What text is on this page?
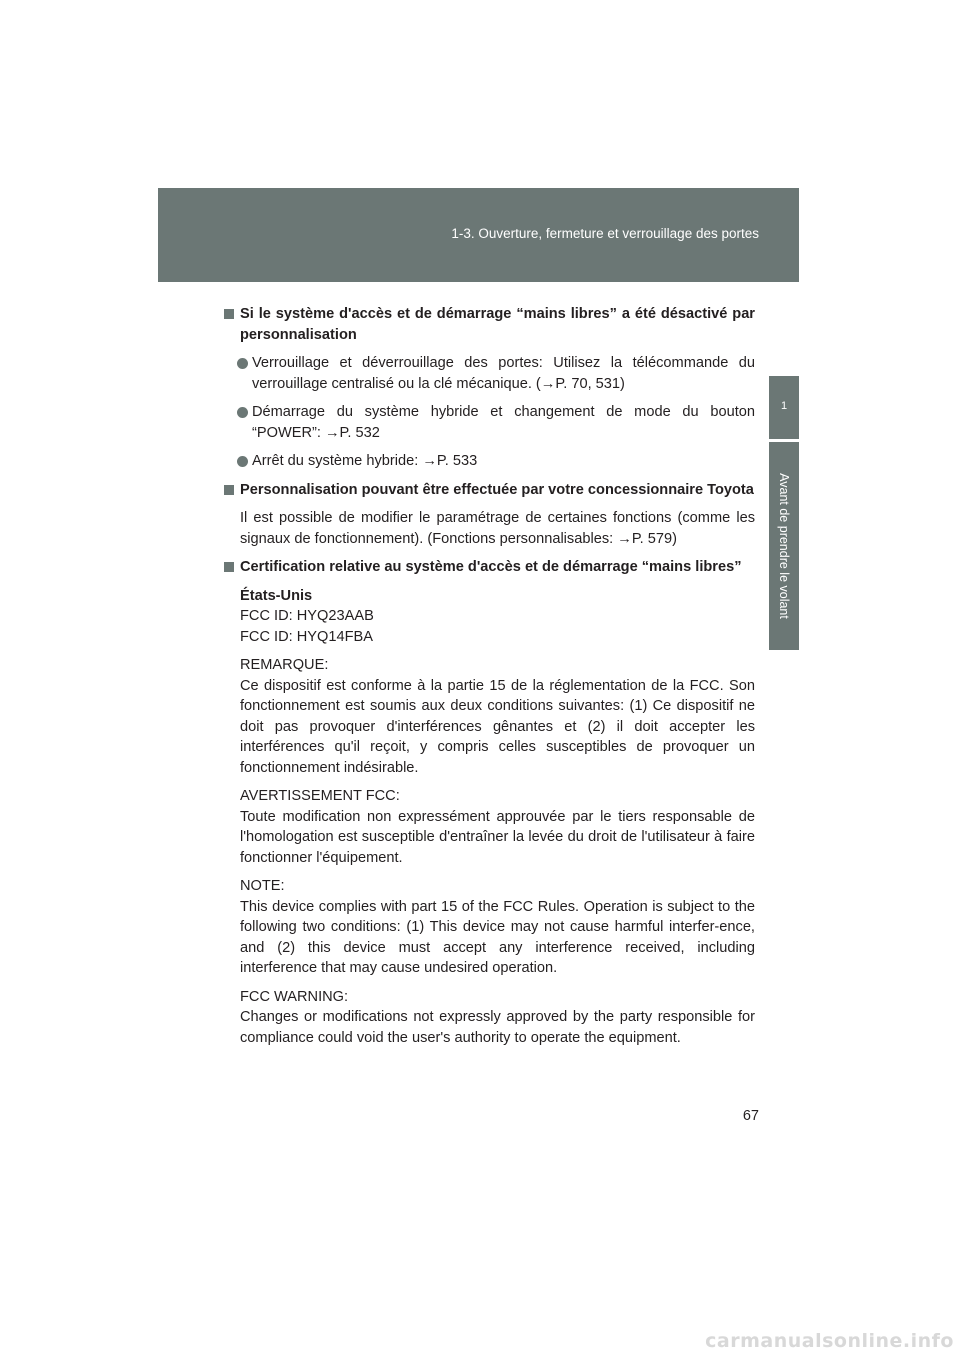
1-3. Ouverture, fermeture et verrouillage des portes
1
Avant de prendre le volant
Si le système d'accès et de démarrage “mains libres” a été désactivé par personnalisation
Verrouillage et déverrouillage des portes: Utilisez la télécommande du verrouillage centralisé ou la clé mécanique. (→P. 70, 531)
Démarrage du système hybride et changement de mode du bouton “POWER”: →P. 532
Arrêt du système hybride: →P. 533
Personnalisation pouvant être effectuée par votre concessionnaire Toyota
Il est possible de modifier le paramétrage de certaines fonctions (comme les signaux de fonctionnement). (Fonctions personnalisables: →P. 579)
Certification relative au système d'accès et de démarrage “mains libres”
États-Unis
FCC ID: HYQ23AAB
FCC ID: HYQ14FBA
REMARQUE:
Ce dispositif est conforme à la partie 15 de la réglementation de la FCC. Son fonctionnement est soumis aux deux conditions suivantes: (1) Ce dispositif ne doit pas provoquer d'interférences gênantes et (2) il doit accepter les interférences qu'il reçoit, y compris celles susceptibles de provoquer un fonctionnement indésirable.
AVERTISSEMENT FCC:
Toute modification non expressément approuvée par le tiers responsable de l'homologation est susceptible d'entraîner la levée du droit de l'utilisateur à faire fonctionner l'équipement.
NOTE:
This device complies with part 15 of the FCC Rules. Operation is subject to the following two conditions: (1) This device may not cause harmful interfer-ence, and (2) this device must accept any interference received, including interference that may cause undesired operation.
FCC WARNING:
Changes or modifications not expressly approved by the party responsible for compliance could void the user's authority to operate the equipment.
67
carmanualsonline.info
